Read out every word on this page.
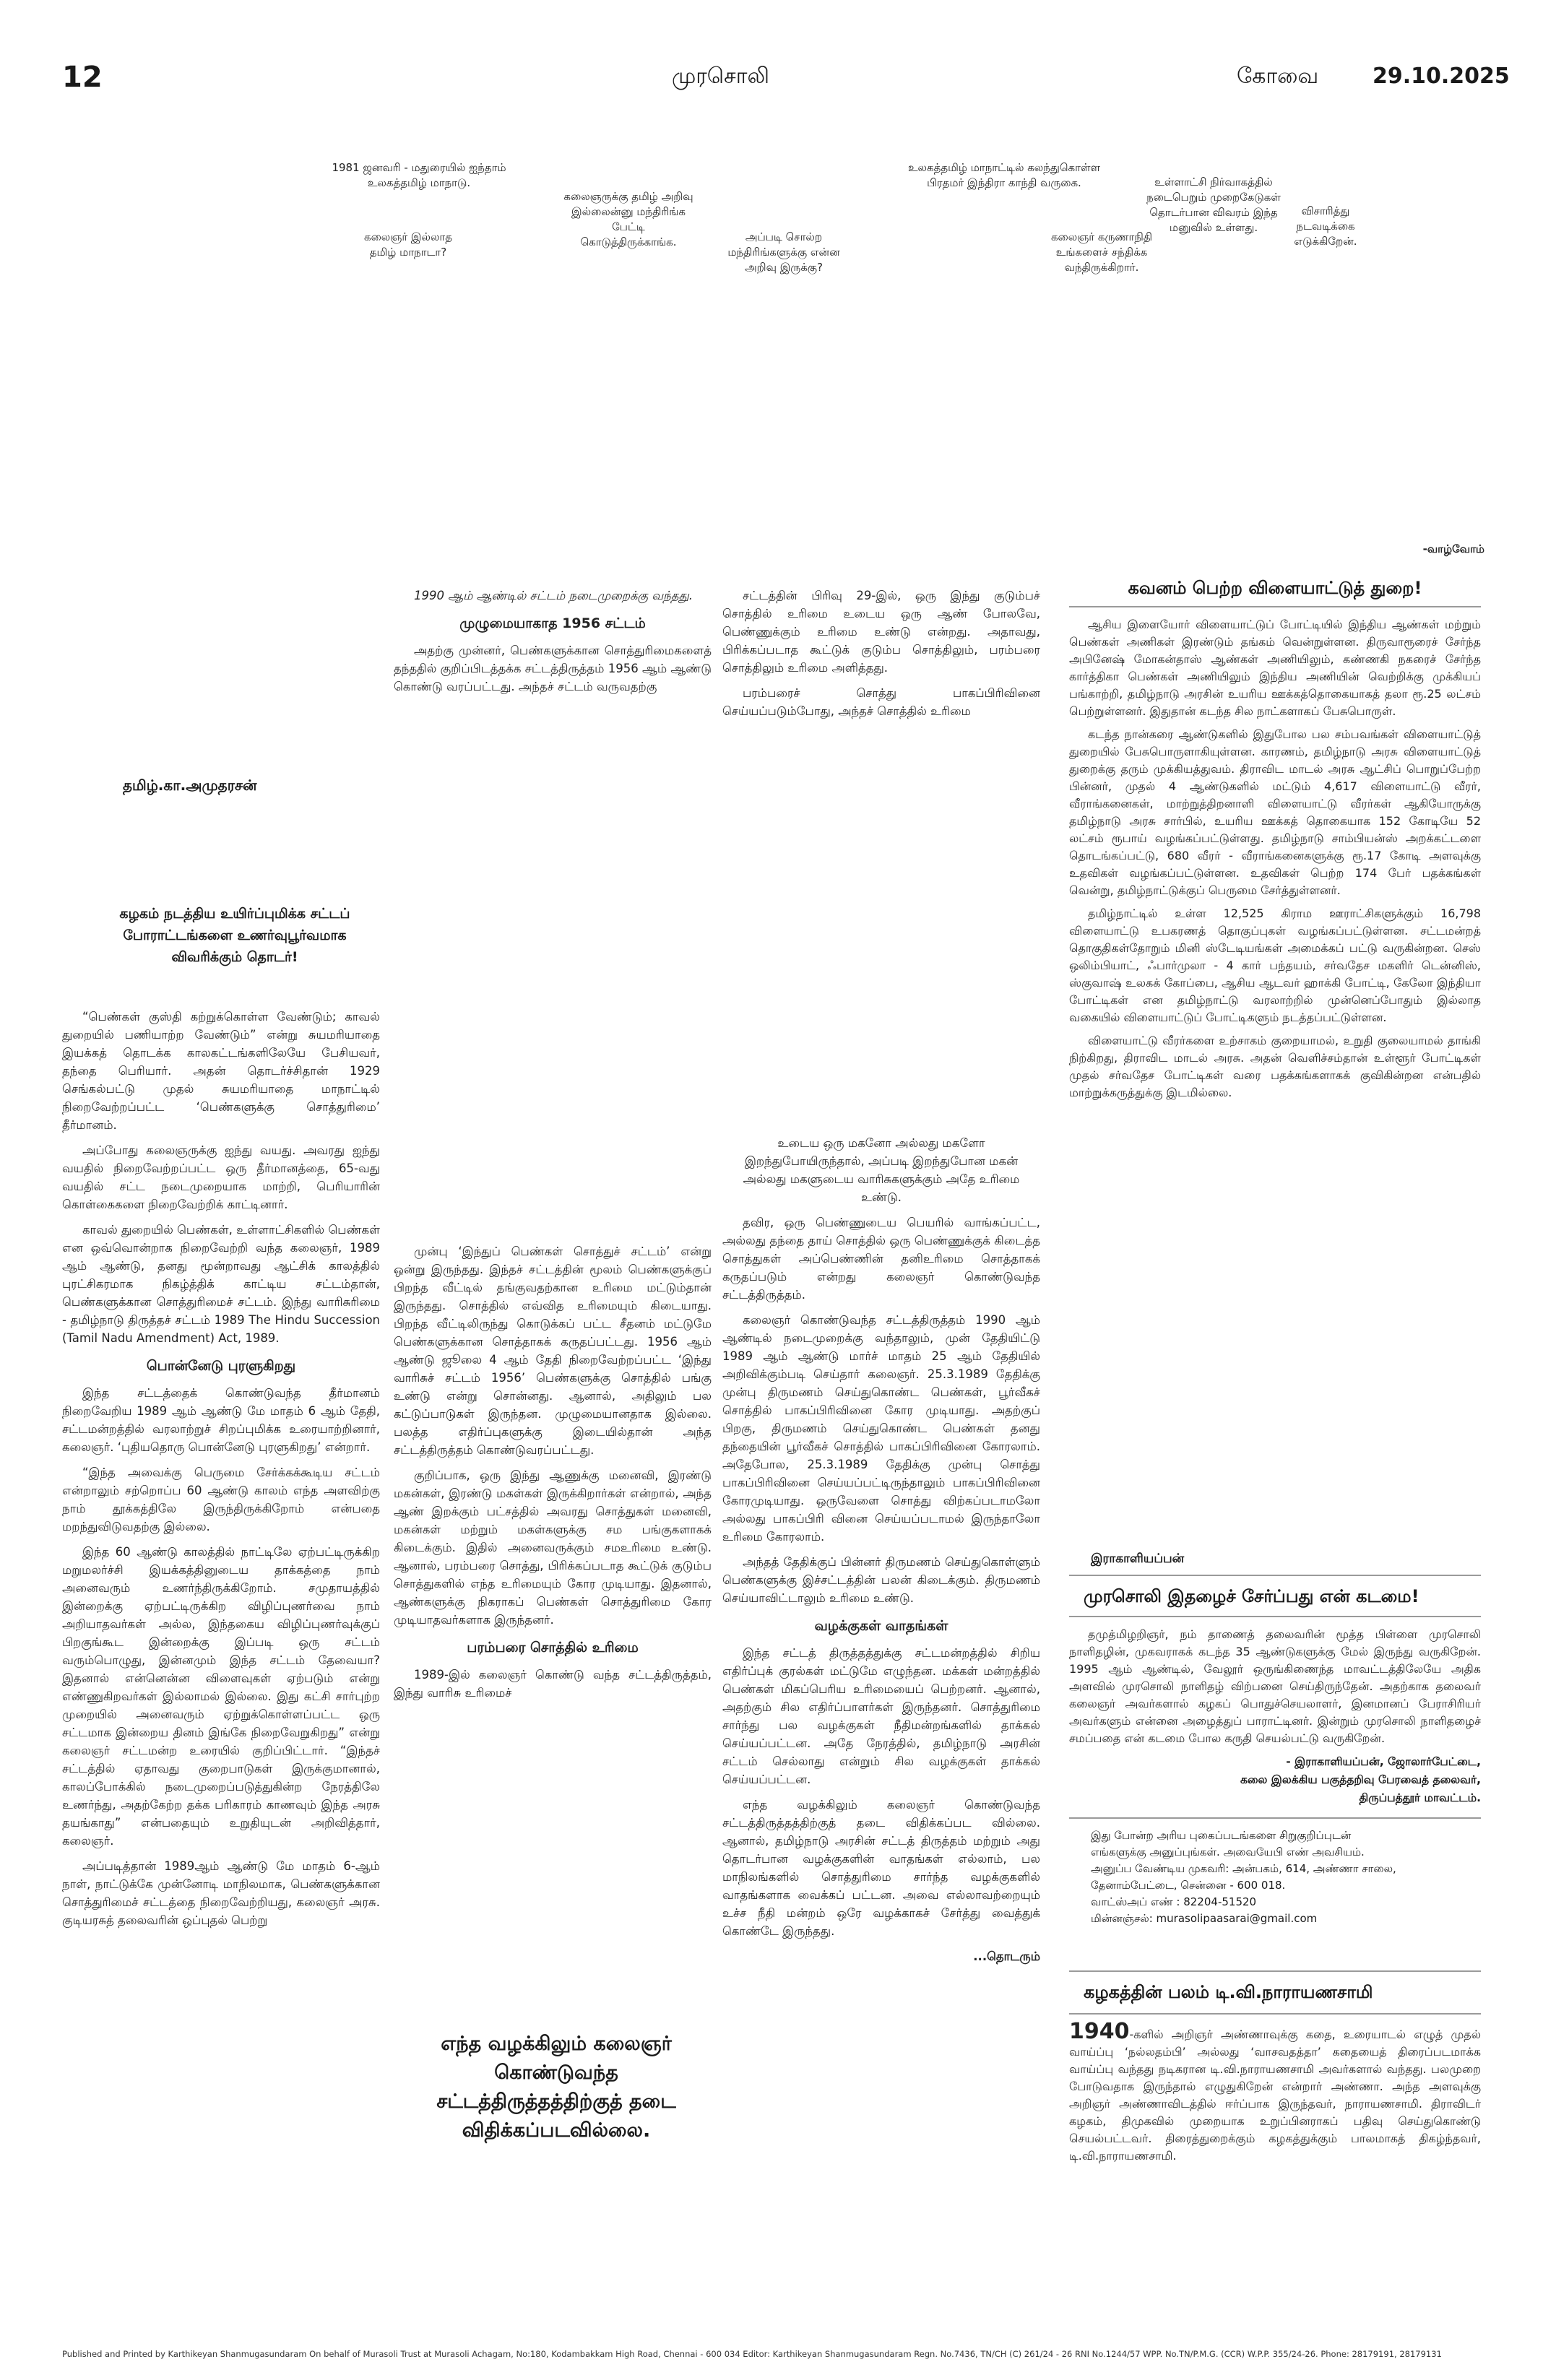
12	முரசொலி	கோவை 29.10.2025
1981 ஜனவரி - மதுரையில் ஐந்தாம் உலகத்தமிழ் மாநாடு.
கலைஞருக்கு தமிழ் அறிவு இல்லைன்னு மந்திரிங்க பேட்டி கொடுத்திருக்காங்க.
கலைஞர் இல்லாத தமிழ் மாநாடா?
அப்படி சொல்ற மந்திரிங்களுக்கு என்ன அறிவு இருக்கு?
உலகத்தமிழ் மாநாட்டில் கலந்துகொள்ள பிரதமர் இந்திரா காந்தி வருகை.
கலைஞர் கருணாநிதி உங்களைச் சந்திக்க வந்திருக்கிறார்.
உள்ளாட்சி நிர்வாகத்தில் நடைபெறும் முறைகேடுகள் தொடர்பான விவரம் இந்த மனுவில் உள்ளது.
விசாரித்து நடவடிக்கை எடுக்கிறேன்.
-வாழ்வோம்
தமிழ்.கா.அமுதரசன்
கழகம் நடத்திய உயிர்ப்புமிக்க சட்டப் போராட்டங்களை உணர்வுபூர்வமாக விவரிக்கும் தொடர்!

“பெண்கள் குஸ்தி கற்றுக்கொள்ள வேண்டும்; காவல் துறையில் பணியாற்ற வேண்டும்” என்று சுயமரியாதை இயக்கத் தொடக்க காலகட்டங்களிலேயே பேசியவர், தந்தை பெரியார். அதன் தொடர்ச்சிதான் 1929 செங்கல்பட்டு முதல் சுயமரியாதை மாநாட்டில் நிறைவேற்றப்பட்ட ‘பெண்களுக்கு சொத்துரிமை’ தீர்மானம்.

அப்போது கலைஞருக்கு ஐந்து வயது. அவரது ஐந்து வயதில் நிறைவேற்றப்பட்ட ஒரு தீர்மானத்தை, 65-வது வயதில் சட்ட நடைமுறையாக மாற்றி, பெரியாரின் கொள்கைகளை நிறைவேற்றிக் காட்டினார்.

காவல் துறையில் பெண்கள், உள்ளாட்சிகளில் பெண்கள் என ஒவ்வொன்றாக நிறைவேற்றி வந்த கலைஞர், 1989 ஆம் ஆண்டு, தனது மூன்றாவது ஆட்சிக் காலத்தில் புரட்சிகரமாக நிகழ்த்திக் காட்டிய சட்டம்தான், பெண்களுக்கான சொத்துரிமைச் சட்டம். இந்து வாரிசுரிமை - தமிழ்நாடு திருத்தச் சட்டம் 1989 The Hindu Succession (Tamil Nadu Amendment) Act, 1989.

பொன்னேடு புரளுகிறது

இந்த சட்டத்தைக் கொண்டுவந்த தீர்மானம் நிறைவேறிய 1989 ஆம் ஆண்டு மே மாதம் 6 ஆம் தேதி, சட்டமன்றத்தில் வரலாற்றுச் சிறப்புமிக்க உரையாற்றினார், கலைஞர். ‘புதியதொரு பொன்னேடு புரளுகிறது’ என்றார்.

“இந்த அவைக்கு பெருமை சேர்க்கக்கூடிய சட்டம் என்றாலும் சற்றொப்ப 60 ஆண்டு காலம் எந்த அளவிற்கு நாம் தூக்கத்திலே இருந்திருக்கிறோம் என்பதை மறந்துவிடுவதற்கு இல்லை.

இந்த 60 ஆண்டு காலத்தில் நாட்டிலே ஏற்பட்டிருக்கிற மறுமலர்ச்சி இயக்கத்தினுடைய தாக்கத்தை நாம் அனைவரும் உணர்ந்திருக்கிறோம். சமுதாயத்தில் இன்றைக்கு ஏற்பட்டிருக்கிற விழிப்புணர்வை நாம் அறியாதவர்கள் அல்ல, இந்தகைய விழிப்புணர்வுக்குப் பிறகுங்கூட இன்றைக்கு இப்படி ஒரு சட்டம் வரும்பொழுது, இன்னமும் இந்த சட்டம் தேவையா? இதனால் என்னென்ன விளைவுகள் ஏற்படும் என்று எண்ணுகிறவர்கள் இல்லாமல் இல்லை. இது கட்சி சார்புற்ற முறையில் அனைவரும் ஏற்றுக்கொள்ளப்பட்ட ஒரு சட்டமாக இன்றைய தினம் இங்கே நிறைவேறுகிறது” என்று கலைஞர் சட்டமன்ற உரையில் குறிப்பிட்டார். “இந்தச் சட்டத்தில் ஏதாவது குறைபாடுகள் இருக்குமானால், காலப்போக்கில் நடைமுறைப்படுத்துகின்ற நேரத்திலே உணர்ந்து, அதற்கேற்ற தக்க பரிகாரம் காணவும் இந்த அரசு தயங்காது” என்பதையும் உறுதியுடன் அறிவித்தார், கலைஞர்.

அப்படித்தான் 1989ஆம் ஆண்டு மே மாதம் 6-ஆம் நாள், நாட்டுக்கே முன்னோடி மாநிலமாக, பெண்களுக்கான சொத்துரிமைச் சட்டத்தை நிறைவேற்றியது, கலைஞர் அரசு. குடியரசுத் தலைவரின் ஒப்புதல் பெற்று

1990 ஆம் ஆண்டில் சட்டம் நடைமுறைக்கு வந்தது.

முழுமையாகாத 1956 சட்டம்

அதற்கு முன்னர், பெண்களுக்கான சொத்துரிமைகளைத் தந்ததில் குறிப்பிடத்தக்க சட்டத்திருத்தம் 1956 ஆம் ஆண்டு கொண்டு வரப்பட்டது. அந்தச் சட்டம் வருவதற்கு

முன்பு ‘இந்துப் பெண்கள் சொத்துச் சட்டம்’ என்று ஒன்று இருந்தது. இந்தச் சட்டத்தின் மூலம் பெண்களுக்குப் பிறந்த வீட்டில் தங்குவதற்கான உரிமை மட்டும்தான் இருந்தது. சொத்தில் எவ்வித உரிமையும் கிடையாது. பிறந்த வீட்டிலிருந்து கொடுக்கப் பட்ட சீதனம் மட்டுமே பெண்களுக்கான சொத்தாகக் கருதப்பட்டது. 1956 ஆம் ஆண்டு ஜூலை 4 ஆம் தேதி நிறைவேற்றப்பட்ட ‘இந்து வாரிசுச் சட்டம் 1956’ பெண்களுக்கு சொத்தில் பங்கு உண்டு என்று சொன்னது. ஆனால், அதிலும் பல கட்டுப்பாடுகள் இருந்தன. முழுமையானதாக இல்லை. பலத்த எதிர்ப்புகளுக்கு இடையில்தான் அந்த சட்டத்திருத்தம் கொண்டுவரப்பட்டது.

குறிப்பாக, ஒரு இந்து ஆணுக்கு மனைவி, இரண்டு மகன்கள், இரண்டு மகள்கள் இருக்கிறார்கள் என்றால், அந்த ஆண் இறக்கும் பட்சத்தில் அவரது சொத்துகள் மனைவி, மகன்கள் மற்றும் மகள்களுக்கு சம பங்குகளாகக் கிடைக்கும். இதில் அனைவருக்கும் சமஉரிமை உண்டு. ஆனால், பரம்பரை சொத்து, பிரிக்கப்படாத கூட்டுக் குடும்ப சொத்துகளில் எந்த உரிமையும் கோர முடியாது. இதனால், ஆண்களுக்கு நிகராகப் பெண்கள் சொத்துரிமை கோர முடியாதவர்களாக இருந்தனர்.

பரம்பரை சொத்தில் உரிமை

1989-இல் கலைஞர் கொண்டு வந்த சட்டத்திருத்தம், இந்து வாரிசு உரிமைச்

எந்த வழக்கிலும் கலைஞர் கொண்டுவந்த சட்டத்திருத்தத்திற்குத் தடை விதிக்கப்படவில்லை.

சட்டத்தின் பிரிவு 29-இல், ஒரு இந்து குடும்பச் சொத்தில் உரிமை உடைய ஒரு ஆண் போலவே, பெண்ணுக்கும் உரிமை உண்டு என்றது. அதாவது, பிரிக்கப்படாத கூட்டுக் குடும்ப சொத்திலும், பரம்பரை சொத்திலும் உரிமை அளித்தது.

பரம்பரைச் சொத்து பாகப்பிரிவினை செய்யப்படும்போது, அந்தச் சொத்தில் உரிமை

உடைய ஒரு மகனோ அல்லது மகளோ இறந்துபோயிருந்தால், அப்படி இறந்துபோன மகன் அல்லது மகளுடைய வாரிசுகளுக்கும் அதே உரிமை உண்டு.

தவிர, ஒரு பெண்ணுடைய பெயரில் வாங்கப்பட்ட, அல்லது தந்தை தாய் சொத்தில் ஒரு பெண்ணுக்குக் கிடைத்த சொத்துகள் அப்பெண்ணின் தனிஉரிமை சொத்தாகக் கருதப்படும் என்றது கலைஞர் கொண்டுவந்த சட்டத்திருத்தம்.

கலைஞர் கொண்டுவந்த சட்டத்திருத்தம் 1990 ஆம் ஆண்டில் நடைமுறைக்கு வந்தாலும், முன் தேதியிட்டு 1989 ஆம் ஆண்டு மார்ச் மாதம் 25 ஆம் தேதியில் அறிவிக்கும்படி செய்தார் கலைஞர். 25.3.1989 தேதிக்கு முன்பு திருமணம் செய்துகொண்ட பெண்கள், பூர்வீகச் சொத்தில் பாகப்பிரிவினை கோர முடியாது. அதற்குப் பிறகு, திருமணம் செய்துகொண்ட பெண்கள் தனது தந்தையின் பூர்வீகச் சொத்தில் பாகப்பிரிவினை கோரலாம். அதேபோல, 25.3.1989 தேதிக்கு முன்பு சொத்து பாகப்பிரிவினை செய்யப்பட்டிருந்தாலும் பாகப்பிரிவினை கோரமுடியாது. ஒருவேளை சொத்து விற்கப்படாமலோ அல்லது பாகப்பிரி வினை செய்யப்படாமல் இருந்தாலோ உரிமை கோரலாம்.

அந்தத் தேதிக்குப் பின்னர் திருமணம் செய்துகொள்ளும் பெண்களுக்கு இச்சட்டத்தின் பலன் கிடைக்கும். திருமணம் செய்யாவிட்டாலும் உரிமை உண்டு.

வழக்குகள் வாதங்கள்

இந்த சட்டத் திருத்தத்துக்கு சட்டமன்றத்தில் சிறிய எதிர்ப்புக் குரல்கள் மட்டுமே எழுந்தன. மக்கள் மன்றத்தில் பெண்கள் மிகப்பெரிய உரிமையைப் பெற்றனர். ஆனால், அதற்கும் சில எதிர்ப்பாளர்கள் இருந்தனர். சொத்துரிமை சார்ந்து பல வழக்குகள் நீதிமன்றங்களில் தாக்கல் செய்யப்பட்டன. அதே நேரத்தில், தமிழ்நாடு அரசின் சட்டம் செல்லாது என்றும் சில வழக்குகள் தாக்கல் செய்யப்பட்டன.

எந்த வழக்கிலும் கலைஞர் கொண்டுவந்த சட்டத்திருத்தத்திற்குத் தடை விதிக்கப்பட வில்லை. ஆனால், தமிழ்நாடு அரசின் சட்டத் திருத்தம் மற்றும் அது தொடர்பான வழக்குகளின் வாதங்கள் எல்லாம், பல மாநிலங்களில் சொத்துரிமை சார்ந்த வழக்குகளில் வாதங்களாக வைக்கப் பட்டன. அவை எல்லாவற்றையும் உச்ச நீதி மன்றம் ஒரே வழக்காகச் சேர்த்து வைத்துக் கொண்டே இருந்தது.

...தொடரும்
கவனம் பெற்ற விளையாட்டுத் துறை!

ஆசிய இளையோர் விளையாட்டுப் போட்டியில் இந்திய ஆண்கள் மற்றும் பெண்கள் அணிகள் இரண்டும் தங்கம் வென்றுள்ளன. திருவாரூரைச் சேர்ந்த அபினேஷ் மோகன்தாஸ் ஆண்கள் அணியிலும், கண்ணகி நகரைச் சேர்ந்த கார்த்திகா பெண்கள் அணியிலும் இந்திய அணியின் வெற்றிக்கு முக்கியப் பங்காற்றி, தமிழ்நாடு அரசின் உயரிய ஊக்கத்தொகையாகத் தலா ரூ.25 லட்சம் பெற்றுள்ளனர். இதுதான் கடந்த சில நாட்களாகப் பேசுபொருள்.

கடந்த நான்கரை ஆண்டுகளில் இதுபோல பல சம்பவங்கள் விளையாட்டுத் துறையில் பேசுபொருளாகியுள்ளன. காரணம், தமிழ்நாடு அரசு விளையாட்டுத் துறைக்கு தரும் முக்கியத்துவம். திராவிட மாடல் அரசு ஆட்சிப் பொறுப்பேற்ற பின்னர், முதல் 4 ஆண்டுகளில் மட்டும் 4,617 விளையாட்டு வீரர், வீராங்கனைகள், மாற்றுத்திறனாளி விளையாட்டு வீரர்கள் ஆகியோருக்கு தமிழ்நாடு அரசு சார்பில், உயரிய ஊக்கத் தொகையாக 152 கோடியே 52 லட்சம் ரூபாய் வழங்கப்பட்டுள்ளது. தமிழ்நாடு சாம்பியன்ஸ் அறக்கட்டளை தொடங்கப்பட்டு, 680 வீரர் - வீராங்கனைகளுக்கு ரூ.17 கோடி அளவுக்கு உதவிகள் வழங்கப்பட்டுள்ளன. உதவிகள் பெற்ற 174 பேர் பதக்கங்கள் வென்று, தமிழ்நாட்டுக்குப் பெருமை சேர்த்துள்ளனர்.

தமிழ்நாட்டில் உள்ள 12,525 கிராம ஊராட்சிகளுக்கும் 16,798 விளையாட்டு உபகரணத் தொகுப்புகள் வழங்கப்பட்டுள்ளன. சட்டமன்றத் தொகுதிகள்தோறும் மினி ஸ்டேடியங்கள் அமைக்கப் பட்டு வருகின்றன. செஸ் ஒலிம்பியாட், ஃபார்முலா - 4 கார் பந்தயம், சர்வதேச மகளிர் டென்னிஸ், ஸ்குவாஷ் உலகக் கோப்பை, ஆசிய ஆடவர் ஹாக்கி போட்டி, கேலோ இந்தியா போட்டிகள் என தமிழ்நாட்டு வரலாற்றில் முன்னெப்போதும் இல்லாத வகையில் விளையாட்டுப் போட்டிகளும் நடத்தப்பட்டுள்ளன.

விளையாட்டு வீரர்களை உற்சாகம் குறையாமல், உறுதி குலையாமல் தாங்கி நிற்கிறது, திராவிட மாடல் அரசு. அதன் வெளிச்சம்தான் உள்ளூர் போட்டிகள் முதல் சர்வதேச போட்டிகள் வரை பதக்கங்களாகக் குவிகின்றன என்பதில் மாற்றுக்கருத்துக்கு இடமில்லை.

இராகாளியப்பன்
முரசொலி இதழைச் சேர்ப்பது என் கடமை!

தமுத்மிழறிஞர், நம் தாணைத் தலைவரின் மூத்த பிள்ளை முரசொலி நாளிதழின், முகவராகக் கடந்த 35 ஆண்டுகளுக்கு மேல் இருந்து வருகிறேன். 1995 ஆம் ஆண்டில், வேலூர் ஒருங்கிணைந்த மாவட்டத்திலேயே அதிக அளவில் முரசொலி நாளிதழ் விற்பனை செய்திருந்தேன். அதற்காக தலைவர் கலைஞர் அவர்களால் கழகப் பொதுச்செயலாளர், இனமானப் பேராசிரியர் அவர்களும் என்னை அழைத்துப் பாராட்டினர். இன்றும் முரசொலி நாளிதழைச் சமப்பதை என் கடமை போல கருதி செயல்பட்டு வருகிறேன்.

- இராகாளியப்பன், ஜோலார்பேட்டை,
கலை இலக்கிய பகுத்தறிவு பேரவைத் தலைவர்,
திருப்பத்தூர் மாவட்டம்.
இது போன்ற அரிய புகைப்படங்களை சிறுகுறிப்புடன்
எங்களுக்கு அனுப்புங்கள். அவையேபி எண் அவசியம்.
அனுப்ப வேண்டிய முகவரி: அன்பகம், 614, அண்ணா சாலை,
தேனாம்பேட்டை, சென்னை - 600 018.
வாட்ஸ்அப் எண் : 82204-51520
மின்னஞ்சல்: murasolipaasarai@gmail.com
கழகத்தின் பலம் டி.வி.நாராயணசாமி
1940-களில் அறிஞர் அண்ணாவுக்கு கதை, உரையாடல் எழுத் முதல் வாய்ப்பு ‘நல்லதம்பி’ அல்லது ‘வாசவதத்தா’ கதையைத் திரைப்படமாக்க வாய்ப்பு வந்தது நடிகரான டி.வி.நாராயணசாமி அவர்களால் வந்தது. பலமுறை போடுவதாக இருந்தால் எழுதுகிறேன் என்றார் அண்ணா. அந்த அளவுக்கு அறிஞர் அண்ணாவிடத்தில் ஈர்ப்பாக இருந்தவர், நாராயணசாமி. திராவிடர் கழகம், திமுகவில் முறையாக உறுப்பினராகப் பதிவு செய்துகொண்டு செயல்பட்டவர். திரைத்துறைக்கும் கழகத்துக்கும் பாலமாகத் திகழ்ந்தவர், டி.வி.நாராயணசாமி.
Published and Printed by Karthikeyan Shanmugasundaram On behalf of Murasoli Trust at Murasoli Achagam, No:180, Kodambakkam High Road, Chennai - 600 034 Editor: Karthikeyan Shanmugasundaram Regn. No.7436, TN/CH (C) 261/24 - 26 RNI No.1244/57 WPP. No.TN/P.M.G. (CCR) W.P.P. 355/24-26. Phone: 28179191, 28179131
